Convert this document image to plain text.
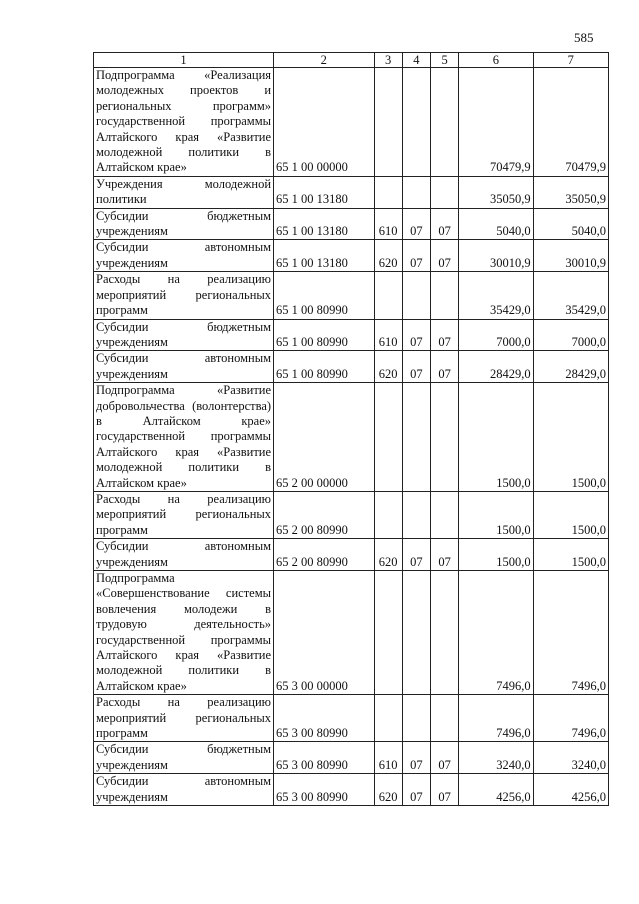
585
1	2	3	4	5	6	7
Подпрограмма «Реализация молодежных проектов и региональных программ» государственной программы Алтайского края «Развитие молодежной политики в Алтайском крае»	65 1 00 00000				70479,9	70479,9
Учреждения молодежной политики	65 1 00 13180				35050,9	35050,9
Субсидии бюджетным учреждениям	65 1 00 13180	610	07	07	5040,0	5040,0
Субсидии автономным учреждениям	65 1 00 13180	620	07	07	30010,9	30010,9
Расходы на реализацию мероприятий региональных программ	65 1 00 80990				35429,0	35429,0
Субсидии бюджетным учреждениям	65 1 00 80990	610	07	07	7000,0	7000,0
Субсидии автономным учреждениям	65 1 00 80990	620	07	07	28429,0	28429,0
Подпрограмма «Развитие добровольчества (волонтерства) в Алтайском крае» государственной программы Алтайского края «Развитие молодежной политики в Алтайском крае»	65 2 00 00000				1500,0	1500,0
Расходы на реализацию мероприятий региональных программ	65 2 00 80990				1500,0	1500,0
Субсидии автономным учреждениям	65 2 00 80990	620	07	07	1500,0	1500,0
Подпрограмма «Совершенствование системы вовлечения молодежи в трудовую деятельность» государственной программы Алтайского края «Развитие молодежной политики в Алтайском крае»	65 3 00 00000				7496,0	7496,0
Расходы на реализацию мероприятий региональных программ	65 3 00 80990				7496,0	7496,0
Субсидии бюджетным учреждениям	65 3 00 80990	610	07	07	3240,0	3240,0
Субсидии автономным учреждениям	65 3 00 80990	620	07	07	4256,0	4256,0
